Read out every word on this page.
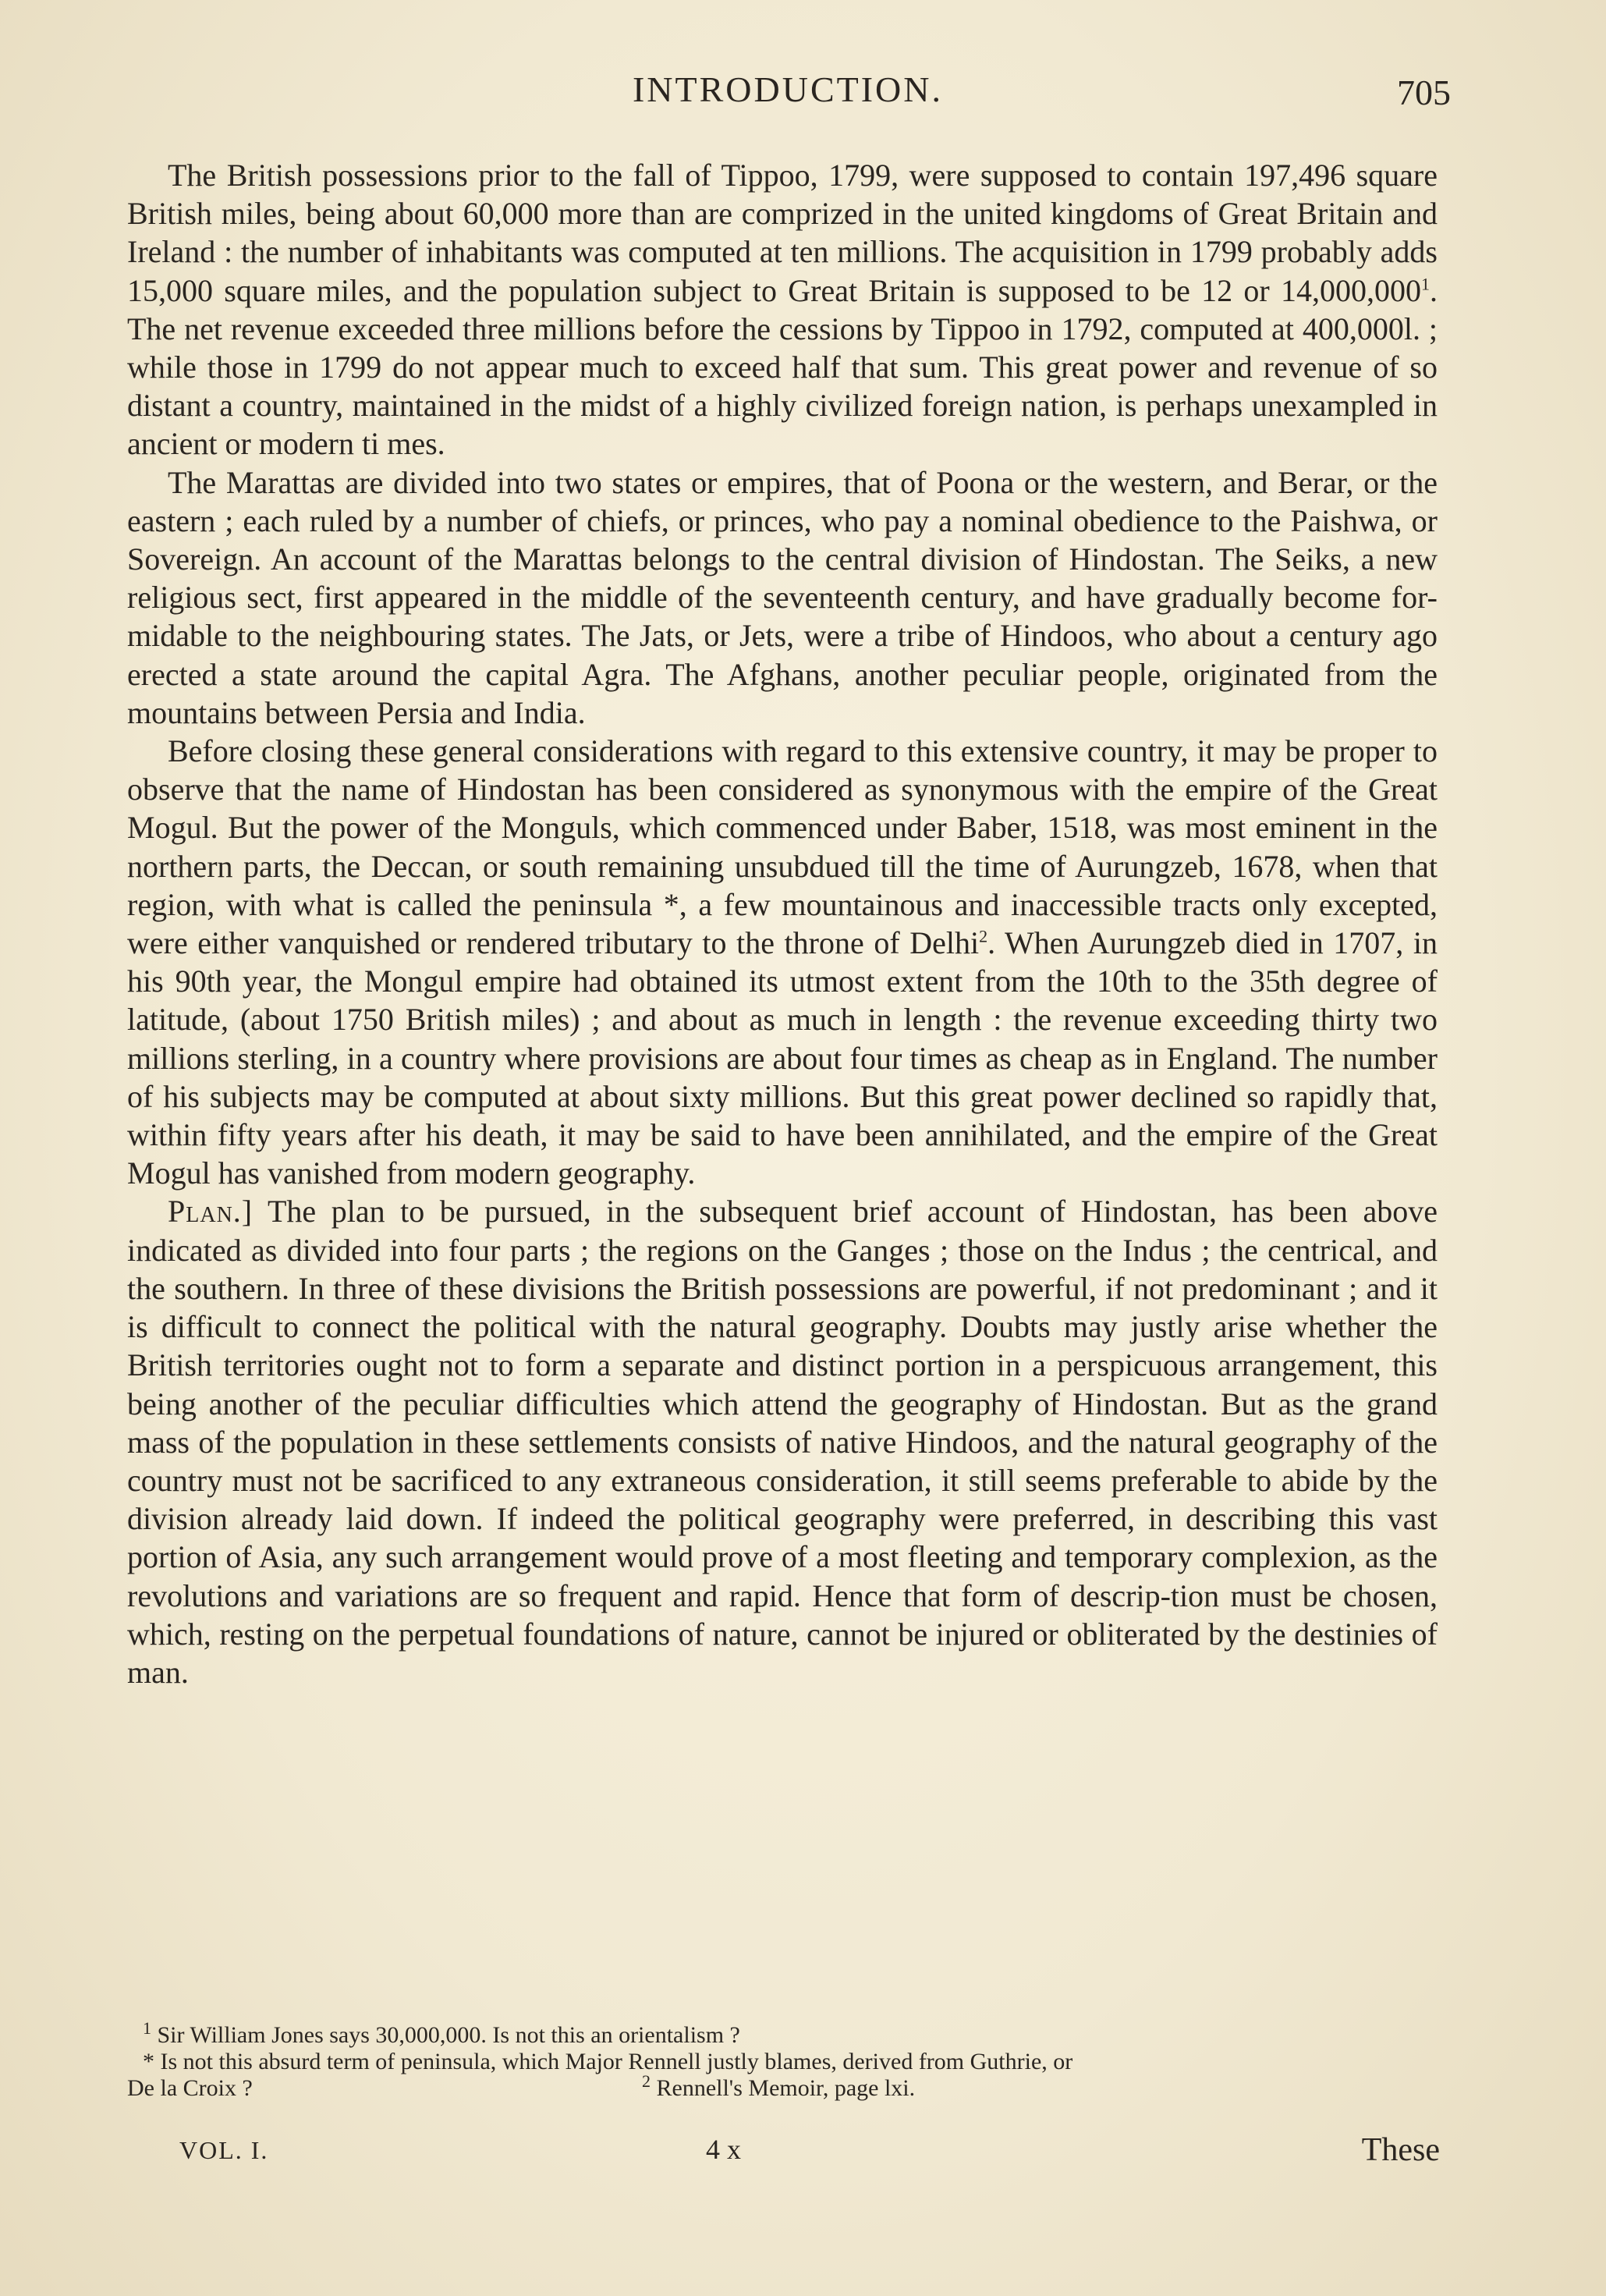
INTRODUCTION.	705

The British possessions prior to the fall of Tippoo, 1799, were supposed to contain 197,496 square British miles, being about 60,000 more than are comprized in the united kingdoms of Great Britain and Ireland : the number of inhabitants was computed at ten millions. The acquisition in 1799 probably adds 15,000 square miles, and the population subject to Great Britain is supposed to be 12 or 14,000,000$^1$. The net revenue exceeded three millions before the cessions by Tippoo in 1792, computed at 400,000l. ; while those in 1799 do not appear much to exceed half that sum. This great power and revenue of so distant a country, maintained in the midst of a highly civilized foreign nation, is perhaps unexampled in ancient or modern ti mes.

The Marattas are divided into two states or empires, that of Poona or the western, and Berar, or the eastern ; each ruled by a number of chiefs, or princes, who pay a nominal obedience to the Paishwa, or Sovereign. An account of the Marattas belongs to the central division of Hindostan. The Seiks, a new religious sect, first appeared in the middle of the seventeenth century, and have gradually become for-midable to the neighbouring states. The Jats, or Jets, were a tribe of Hindoos, who about a century ago erected a state around the capital Agra. The Afghans, another peculiar people, originated from the mountains between Persia and India.

Before closing these general considerations with regard to this extensive country, it may be proper to observe that the name of Hindostan has been considered as synonymous with the empire of the Great Mogul. But the power of the Monguls, which commenced under Baber, 1518, was most eminent in the northern parts, the Deccan, or south remaining unsubdued till the time of Aurungzeb, 1678, when that region, with what is called the peninsula *, a few mountainous and inaccessible tracts only excepted, were either vanquished or rendered tributary to the throne of Delhi$^2$. When Aurungzeb died in 1707, in his 90th year, the Mongul empire had obtained its utmost extent from the 10th to the 35th degree of latitude, (about 1750 British miles) ; and about as much in length : the revenue exceeding thirty two millions sterling, in a country where provisions are about four times as cheap as in England. The number of his subjects may be computed at about sixty millions. But this great power declined so rapidly that, within fifty years after his death, it may be said to have been annihilated, and the empire of the Great Mogul has vanished from modern geography.

Plan.] The plan to be pursued, in the subsequent brief account of Hindostan, has been above indicated as divided into four parts ; the regions on the Ganges ; those on the Indus ; the centrical, and the southern. In three of these divisions the British possessions are powerful, if not predominant ; and it is difficult to connect the political with the natural geography. Doubts may justly arise whether the British territories ought not to form a separate and distinct portion in a perspicuous arrangement, this being another of the peculiar difficulties which attend the geography of Hindostan. But as the grand mass of the population in these settlements consists of native Hindoos, and the natural geography of the country must not be sacrificed to any extraneous consideration, it still seems preferable to abide by the division already laid down. If indeed the political geography were preferred, in describing this vast portion of Asia, any such arrangement would prove of a most fleeting and temporary complexion, as the revolutions and variations are so frequent and rapid. Hence that form of descrip-tion must be chosen, which, resting on the perpetual foundations of nature, cannot be injured or obliterated by the destinies of man.

$^1$ Sir William Jones says 30,000,000. Is not this an orientalism ?

* Is not this absurd term of peninsula, which Major Rennell justly blames, derived from Guthrie, or

De la Croix ?	$^2$ Rennell's Memoir, page lxi.
VOL. I.	4 x	These
